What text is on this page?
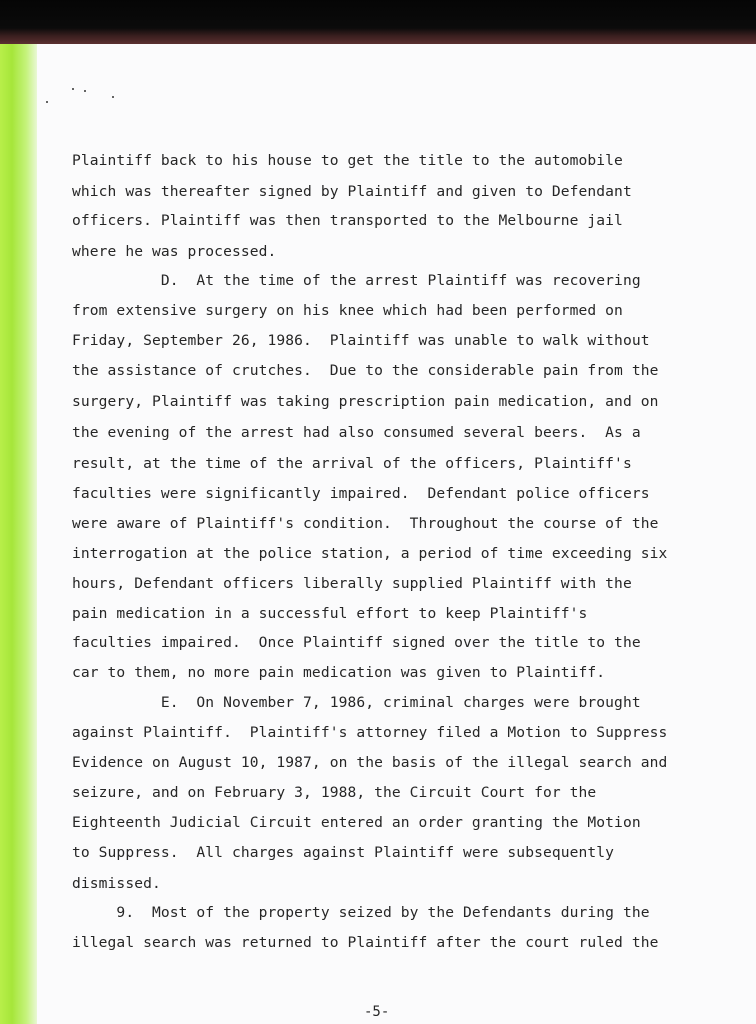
Plaintiff back to his house to get the title to the automobile
which was thereafter signed by Plaintiff and given to Defendant
officers. Plaintiff was then transported to the Melbourne jail
where he was processed.
D.  At the time of the arrest Plaintiff was recovering
from extensive surgery on his knee which had been performed on
Friday, September 26, 1986.  Plaintiff was unable to walk without
the assistance of crutches.  Due to the considerable pain from the
surgery, Plaintiff was taking prescription pain medication, and on
the evening of the arrest had also consumed several beers.  As a
result, at the time of the arrival of the officers, Plaintiff's
faculties were significantly impaired.  Defendant police officers
were aware of Plaintiff's condition.  Throughout the course of the
interrogation at the police station, a period of time exceeding six
hours, Defendant officers liberally supplied Plaintiff with the
pain medication in a successful effort to keep Plaintiff's
faculties impaired.  Once Plaintiff signed over the title to the
car to them, no more pain medication was given to Plaintiff.
E.  On November 7, 1986, criminal charges were brought
against Plaintiff.  Plaintiff's attorney filed a Motion to Suppress
Evidence on August 10, 1987, on the basis of the illegal search and
seizure, and on February 3, 1988, the Circuit Court for the
Eighteenth Judicial Circuit entered an order granting the Motion
to Suppress.  All charges against Plaintiff were subsequently
dismissed.
9.  Most of the property seized by the Defendants during the
illegal search was returned to Plaintiff after the court ruled the
-5-
